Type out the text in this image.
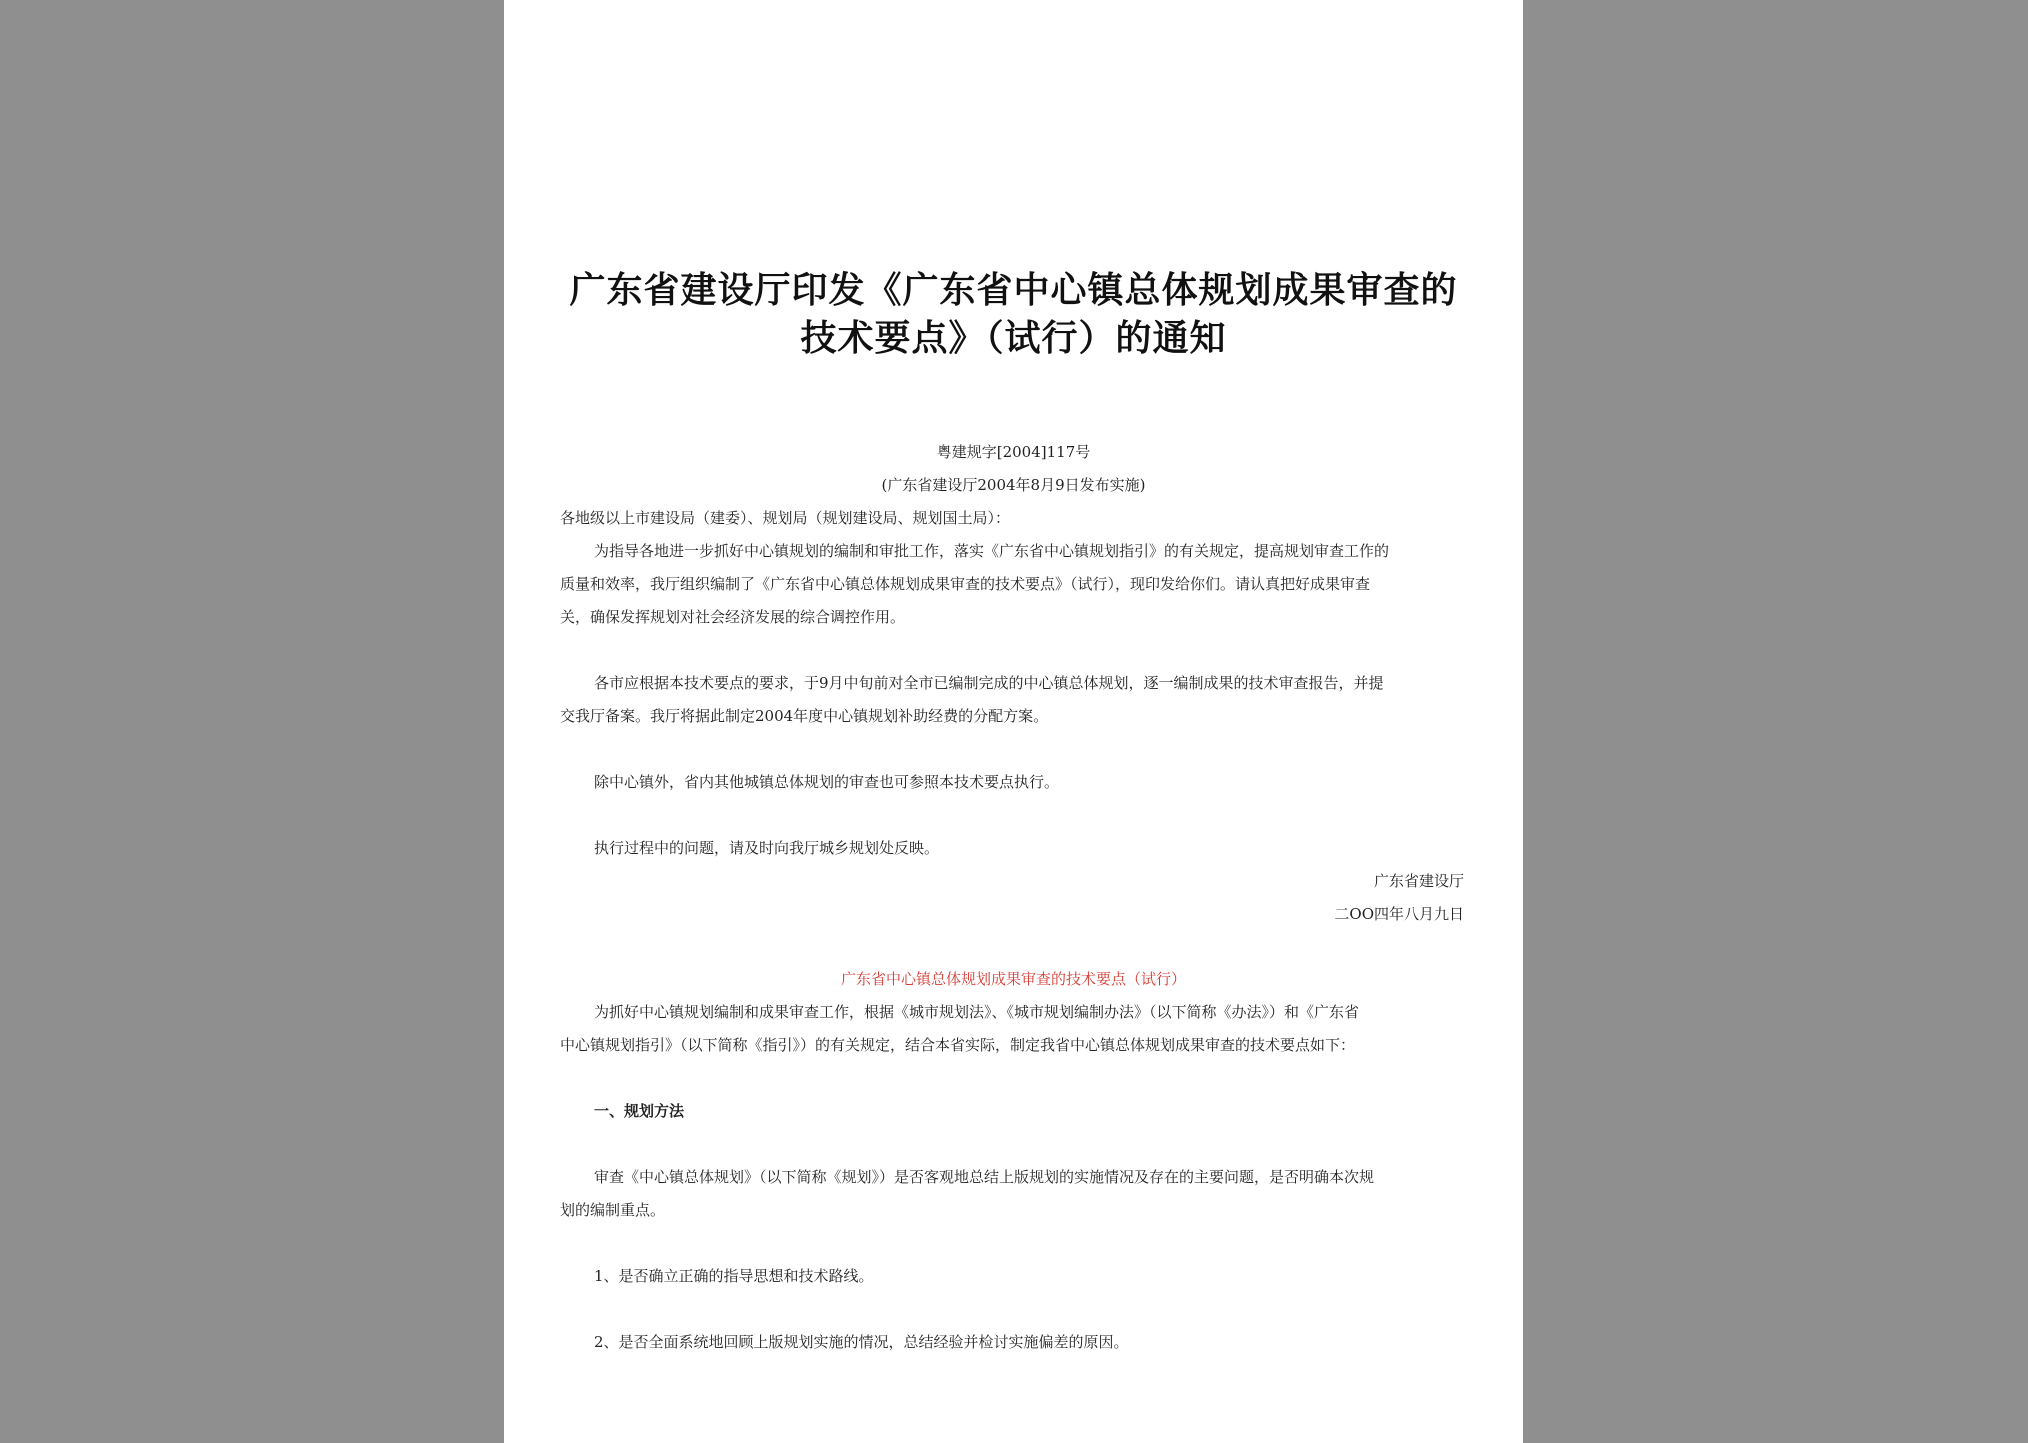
广东省建设厅印发《广东省中心镇总体规划成果审查的
技术要点》（试行）的通知
粤建规字[2004]117号
(广东省建设厅2004年8月9日发布实施)
各地级以上市建设局（建委）、规划局（规划建设局、规划国土局）：
为指导各地进一步抓好中心镇规划的编制和审批工作，落实《广东省中心镇规划指引》的有关规定，提高规划审查工作的
质量和效率，我厅组织编制了《广东省中心镇总体规划成果审查的技术要点》（试行），现印发给你们。请认真把好成果审查
关，确保发挥规划对社会经济发展的综合调控作用。
各市应根据本技术要点的要求，于9月中旬前对全市已编制完成的中心镇总体规划，逐一编制成果的技术审查报告，并提
交我厅备案。我厅将据此制定2004年度中心镇规划补助经费的分配方案。
除中心镇外，省内其他城镇总体规划的审查也可参照本技术要点执行。
执行过程中的问题，请及时向我厅城乡规划处反映。
广东省建设厅
二OO四年八月九日
广东省中心镇总体规划成果审查的技术要点（试行）
为抓好中心镇规划编制和成果审查工作，根据《城市规划法》、《城市规划编制办法》（以下简称《办法》）和《广东省
中心镇规划指引》（以下简称《指引》）的有关规定，结合本省实际，制定我省中心镇总体规划成果审查的技术要点如下：
一、规划方法
审查《中心镇总体规划》（以下简称《规划》）是否客观地总结上版规划的实施情况及存在的主要问题，是否明确本次规
划的编制重点。
1、是否确立正确的指导思想和技术路线。
2、是否全面系统地回顾上版规划实施的情况，总结经验并检讨实施偏差的原因。
